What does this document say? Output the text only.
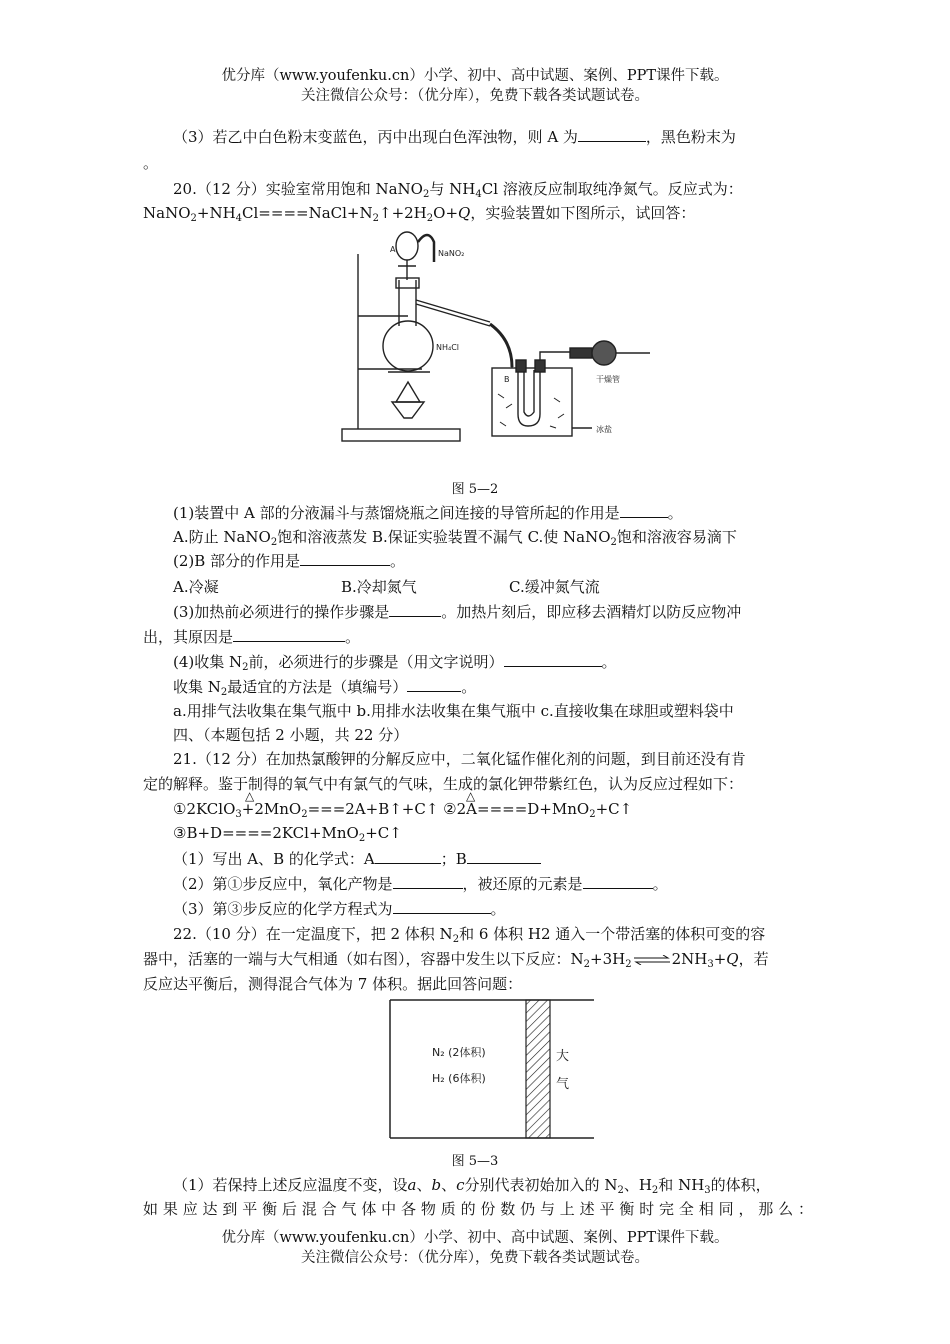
优分库（www.youfenku.cn）小学、初中、高中试题、案例、PPT课件下载。
关注微信公众号：（优分库），免费下载各类试题试卷。
（3）若乙中白色粉末变蓝色，丙中出现白色浑浊物，则 A 为	，黑色粉末为
。
20.（12 分）实验室常用饱和 NaNO$_2$与 $NH_4Cl$ 溶液反应制取纯净氮气。反应式为：
$NaNO_2+NH_4Cl====NaCl+N_2↑+2H_2O+Q$，实验装置如下图所示，试回答：
A	NaNO₂
NH₄Cl
B	干燥管
冰盐
图 5—2
(1)装置中 A 部的分液漏斗与蒸馏烧瓶之间连接的导管所起的作用是	。
A.防止 NaNO$_2$饱和溶液蒸发 B.保证实验装置不漏气 C.使 NaNO$_2$饱和溶液容易滴下
(2)B 部分的作用是	。
A.冷凝	B.冷却氮气	C.缓冲氮气流
(3)加热前必须进行的操作步骤是	。加热片刻后，即应移去酒精灯以防反应物冲
出，其原因是	。
(4)收集 $N_2$前，必须进行的步骤是（用文字说明）	。
收集 $N_2$最适宜的方法是（填编号）	。
a.用排气法收集在集气瓶中 b.用排水法收集在集气瓶中 c.直接收集在球胆或塑料袋中
四、（本题包括 2 小题，共 22 分）
21.（12 分）在加热氯酸钾的分解反应中，二氧化锰作催化剂的问题，到目前还没有肯
定的解释。鉴于制得的氧气中有氯气的气味，生成的氯化钾带紫红色，认为反应过程如下：
△	△
①2KClO$_3$+2MnO$_2$===2A+B↑+C↑ ②2A====D+MnO$_2$+C↑
③B+D====2KCl+MnO$_2$+C↑
（1）写出 A、B 的化学式：A	；B
（2）第①步反应中，氧化产物是	，被还原的元素是	。
（3）第③步反应的化学方程式为	。
22.（10 分）在一定温度下，把 2 体积 $N_2$和 6 体积 H2 通入一个带活塞的体积可变的容
器中，活塞的一端与大气相通（如右图），容器中发生以下反应：$N_2+3H_2\rightleftharpoons 2NH_3+Q$，若
反应达平衡后，测得混合气体为 7 体积。据此回答问题：
N₂ (2体积)
H₂ (6体积)
大
气
图 5—3
（1）若保持上述反应温度不变，设a、b、c分别代表初始加入的 $N_2$、$H_2$和 $NH_3$的体积，
如果应达到平衡后混合气体中各物质的份数仍与上述平衡时完全相同，那么：
优分库（www.youfenku.cn）小学、初中、高中试题、案例、PPT课件下载。
关注微信公众号：（优分库），免费下载各类试题试卷。
